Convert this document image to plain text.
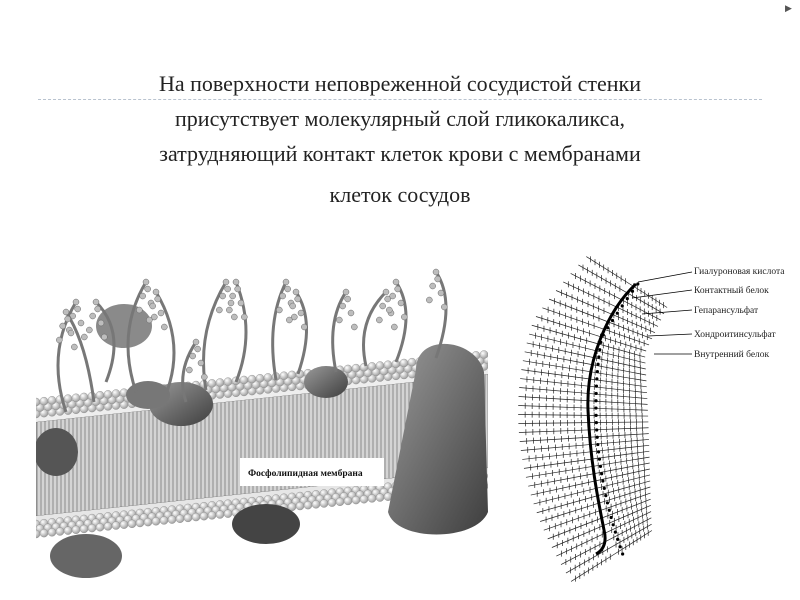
▶
На поверхности неповреженной сосудистой стенки
присутствует молекулярный слой гликокаликса,
затрудняющий контакт клеток крови с мембранами
клеток сосудов
Фосфолипидная мембрана
Гиалуроновая кислота
Контактный белок
Гепарансульфат
Хондроитинсульфат
Внутренний белок
